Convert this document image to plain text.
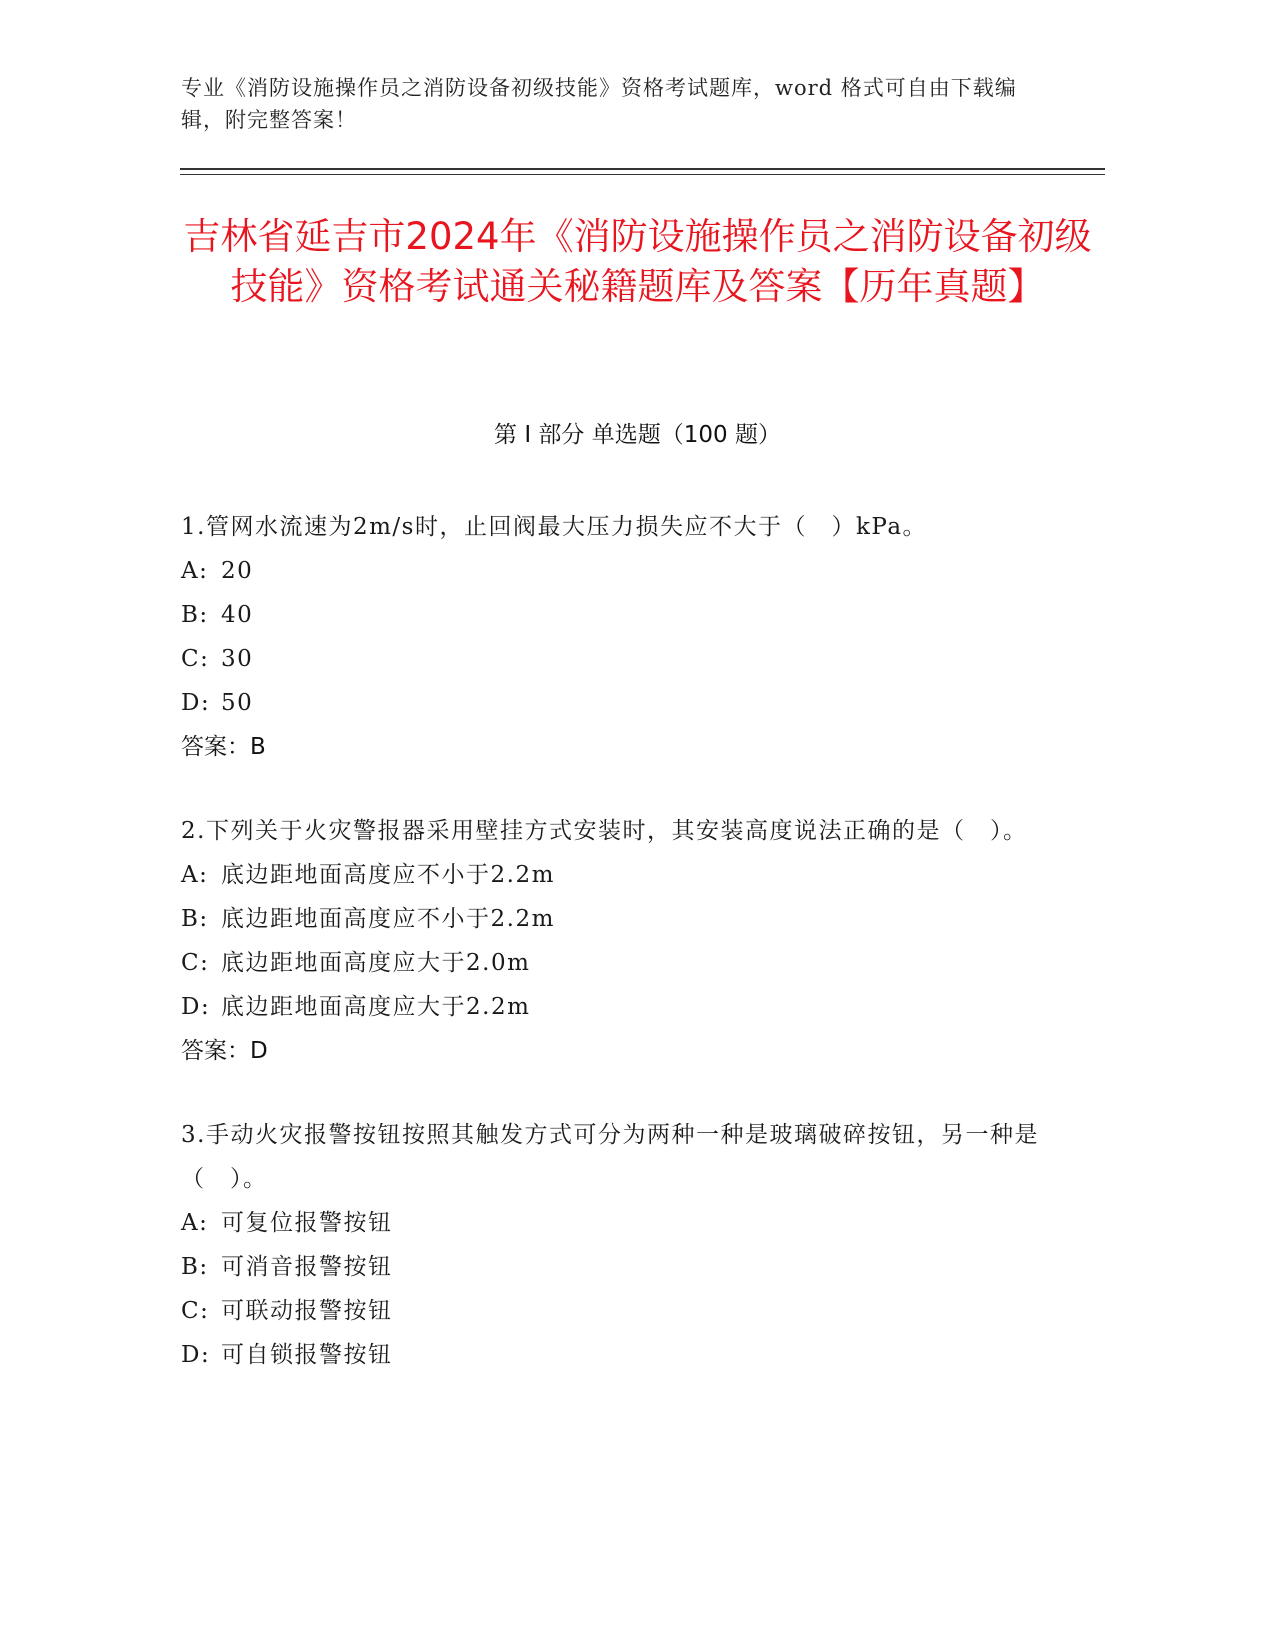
专业《消防设施操作员之消防设备初级技能》资格考试题库，word 格式可自由下载编辑，附完整答案！
吉林省延吉市2024年《消防设施操作员之消防设备初级技能》资格考试通关秘籍题库及答案【历年真题】
第 I 部分 单选题（100 题）
1.管网水流速为2m/s时，止回阀最大压力损失应不大于（　）kPa。
A: 20
B: 40
C: 30
D: 50
答案：B
2.下列关于火灾警报器采用壁挂方式安装时，其安装高度说法正确的是（　）。
A: 底边距地面高度应不小于2.2m
B: 底边距地面高度应不小于2.2m
C: 底边距地面高度应大于2.0m
D: 底边距地面高度应大于2.2m
答案：D
3.手动火灾报警按钮按照其触发方式可分为两种一种是玻璃破碎按钮，另一种是（　）。
A: 可复位报警按钮
B: 可消音报警按钮
C: 可联动报警按钮
D: 可自锁报警按钮
